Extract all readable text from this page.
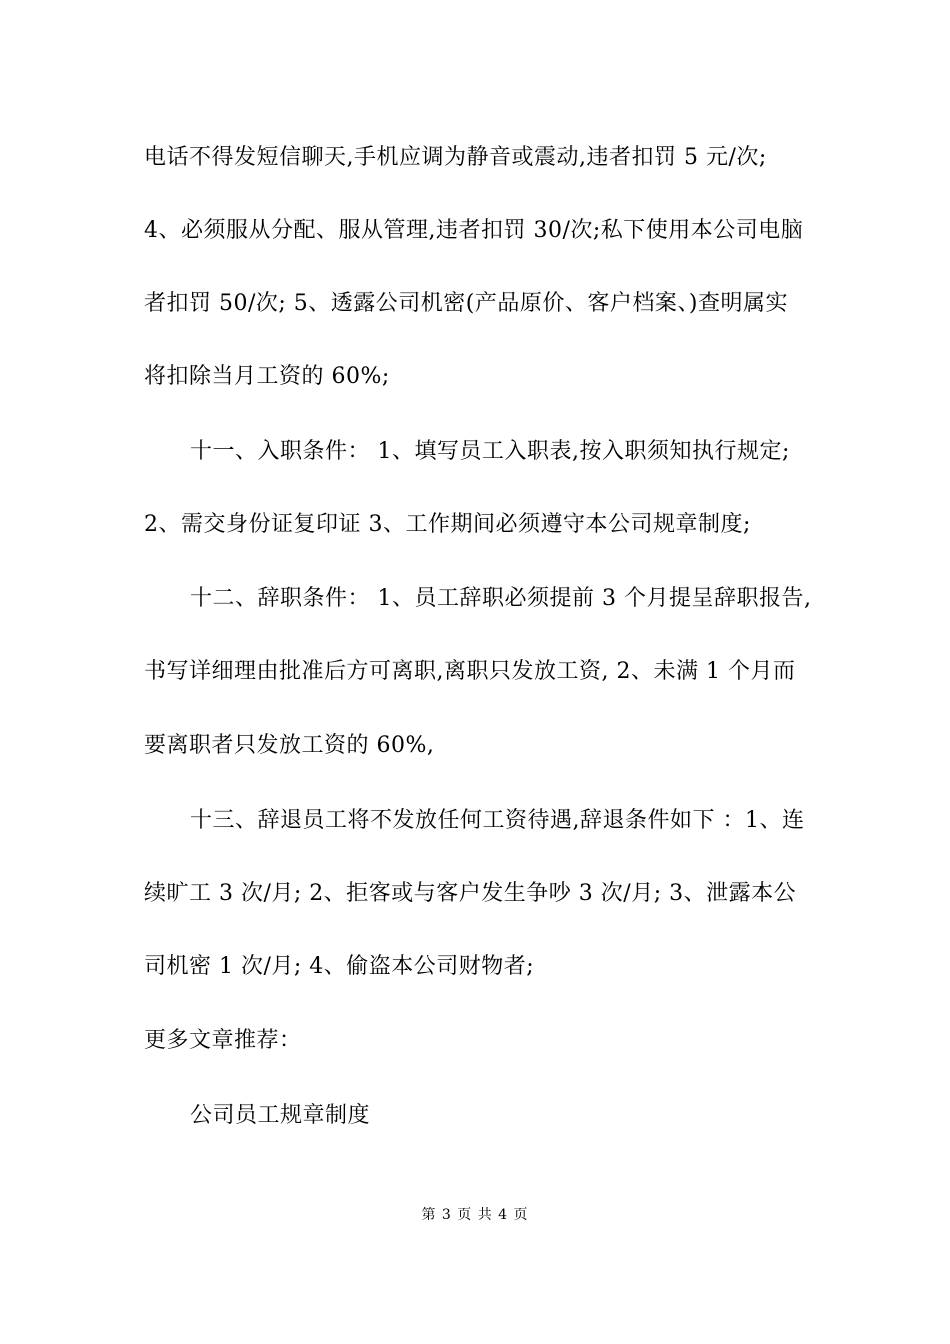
电话不得发短信聊天,手机应调为静音或震动,违者扣罚 5 元/次;
4、必须服从分配、服从管理,违者扣罚 30/次;私下使用本公司电脑
者扣罚 50/次; 5、透露公司机密(产品原价、客户档案、)查明属实
将扣除当月工资的 60%;
十一、入职条件： 1、填写员工入职表,按入职须知执行规定;
2、需交身份证复印证 3、工作期间必须遵守本公司规章制度;
十二、辞职条件： 1、员工辞职必须提前 3 个月提呈辞职报告,
书写详细理由批准后方可离职,离职只发放工资, 2、未满 1 个月而
要离职者只发放工资的 60%,
十三、辞退员工将不发放任何工资待遇,辞退条件如下 ：1、连
续旷工 3 次/月; 2、拒客或与客户发生争吵 3 次/月; 3、泄露本公
司机密 1 次/月; 4、偷盗本公司财物者;
更多文章推荐：
公司员工规章制度
第 3 页 共 4 页
